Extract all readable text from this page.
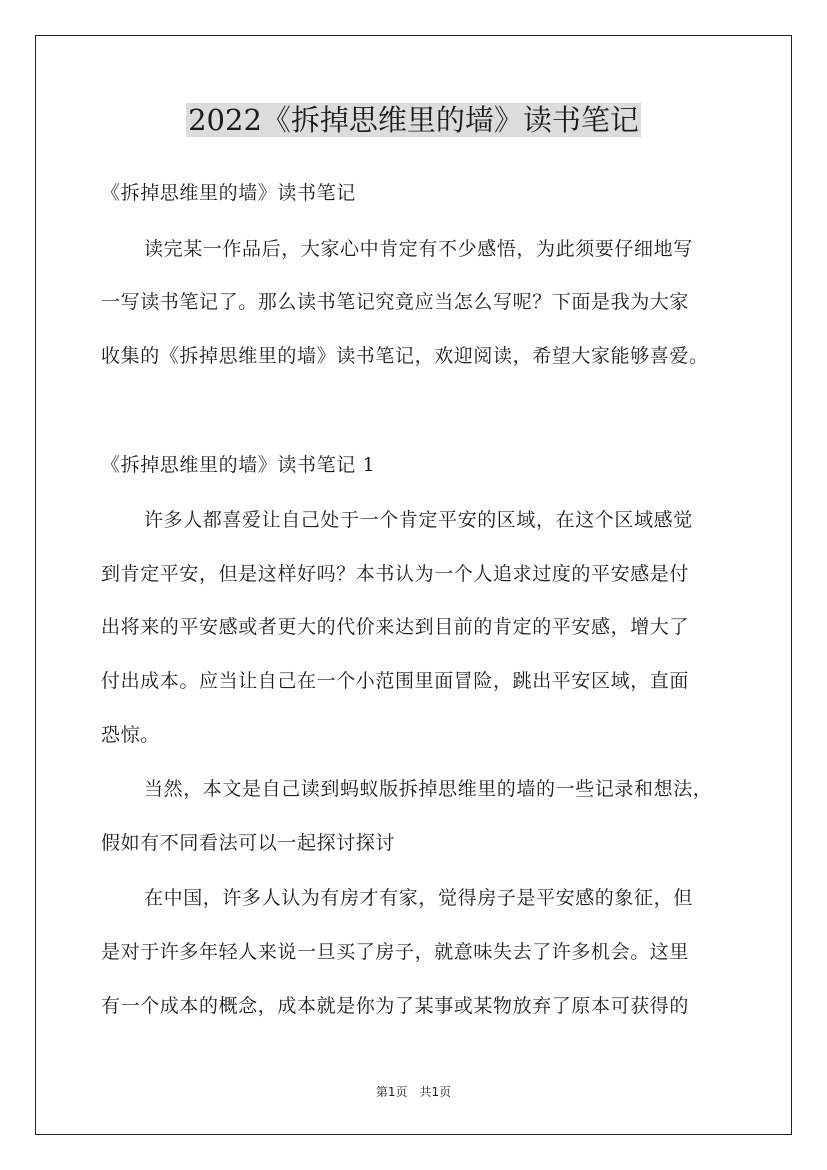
2022《拆掉思维里的墙》读书笔记
《拆掉思维里的墙》读书笔记
读完某一作品后，大家心中肯定有不少感悟，为此须要仔细地写
一写读书笔记了。那么读书笔记究竟应当怎么写呢？下面是我为大家
收集的《拆掉思维里的墙》读书笔记，欢迎阅读，希望大家能够喜爱。
《拆掉思维里的墙》读书笔记 1
许多人都喜爱让自己处于一个肯定平安的区域，在这个区域感觉
到肯定平安，但是这样好吗？本书认为一个人追求过度的平安感是付
出将来的平安感或者更大的代价来达到目前的肯定的平安感，增大了
付出成本。应当让自己在一个小范围里面冒险，跳出平安区域，直面
恐惊。
当然，本文是自己读到蚂蚁版拆掉思维里的墙的一些记录和想法，
假如有不同看法可以一起探讨探讨
在中国，许多人认为有房才有家，觉得房子是平安感的象征，但
是对于许多年轻人来说一旦买了房子，就意味失去了许多机会。这里
有一个成本的概念，成本就是你为了某事或某物放弃了原本可获得的
第1页　共1页
